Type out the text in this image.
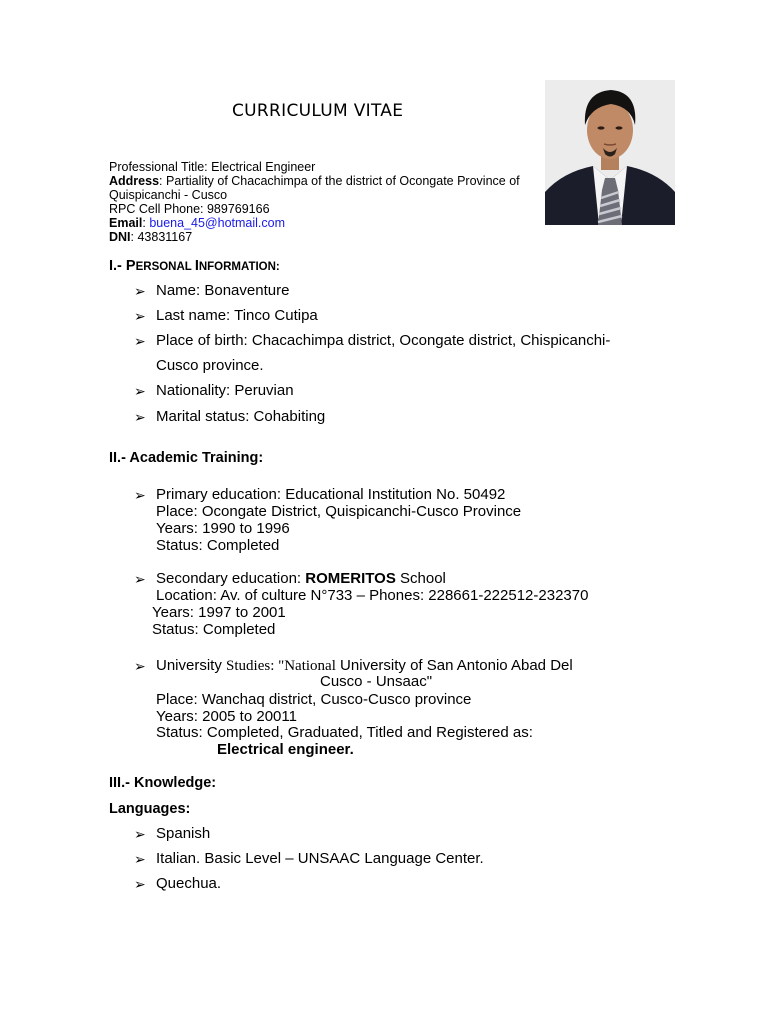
CURRICULUM VITAE
Professional Title: Electrical Engineer
Address: Partiality of Chacachimpa of the district of Ocongate Province of
Quispicanchi - Cusco
RPC Cell Phone: 989769166
Email: buena_45@hotmail.com
DNI: 43831167
I.- PERSONAL INFORMATION:
➢ Name: Bonaventure
➢ Last name: Tinco Cutipa
➢ Place of birth: Chacachimpa district, Ocongate district, Chispicanchi-
Cusco province.
➢ Nationality: Peruvian
➢ Marital status: Cohabiting
II.- Academic Training:
➢ Primary education: Educational Institution No. 50492
Place: Ocongate District, Quispicanchi-Cusco Province
Years: 1990 to 1996
Status: Completed
➢ Secondary education: ROMERITOS School
Location: Av. of culture N°733 – Phones: 228661-222512-232370
Years: 1997 to 2001
Status: Completed
➢ University Studies: "National University of San Antonio Abad Del
Cusco - Unsaac"
Place: Wanchaq district, Cusco-Cusco province
Years: 2005 to 20011
Status: Completed, Graduated, Titled and Registered as:
Electrical engineer.
III.- Knowledge:
Languages:
➢ Spanish
➢ Italian. Basic Level – UNSAAC Language Center.
➢ Quechua.
